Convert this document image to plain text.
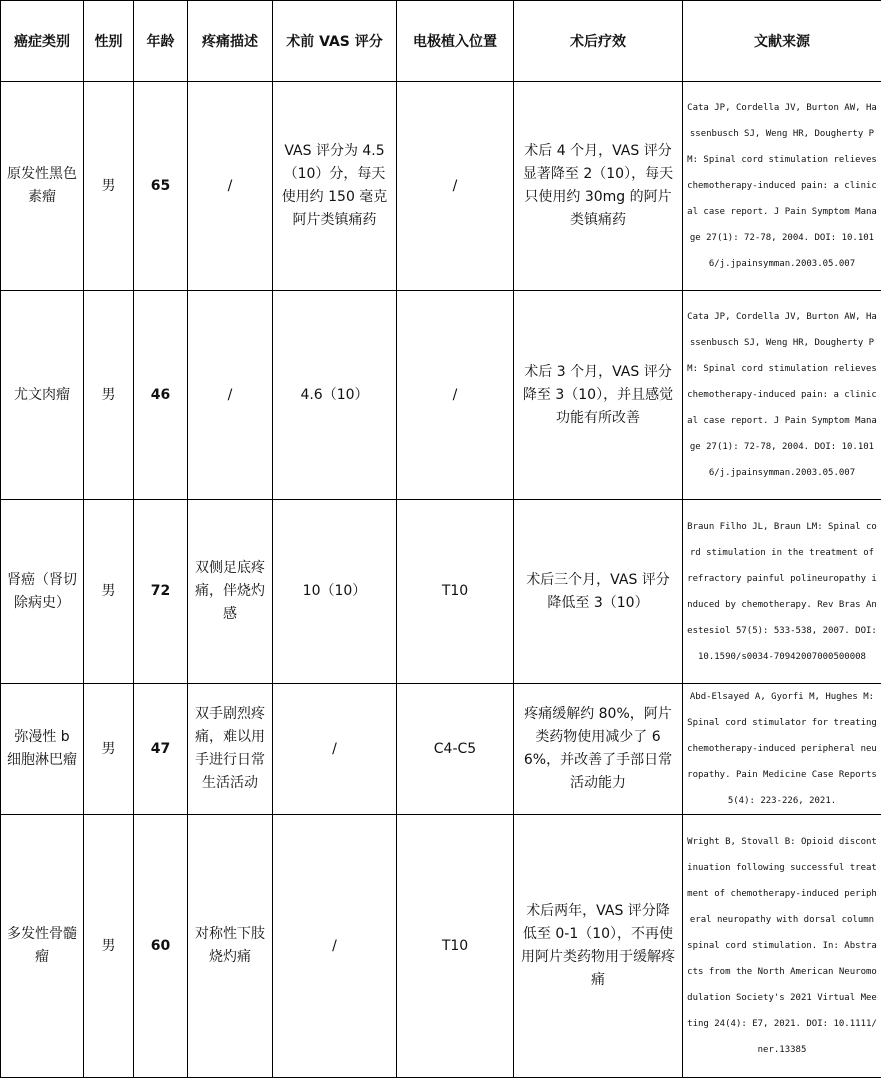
癌症类别	性别	年龄	疼痛描述	术前 VAS 评分	电极植入位置	术后疗效	文献来源
原发性黑色素瘤	男	65	/	VAS 评分为 4.5（10）分，每天使用约 150 毫克阿片类镇痛药	/	术后 4 个月，VAS 评分显著降至 2（10），每天只使用约 30mg 的阿片类镇痛药	Cata JP, Cordella JV, Burton AW, Hassenbusch SJ, Weng HR, Dougherty PM: Spinal cord stimulation relieves chemotherapy-induced pain: a clinical case report. J Pain Symptom Manage 27(1): 72-78, 2004. DOI: 10.1016/j.jpainsymman.2003.05.007
尤文肉瘤	男	46	/	4.6（10）	/	术后 3 个月，VAS 评分降至 3（10），并且感觉功能有所改善	Cata JP, Cordella JV, Burton AW, Hassenbusch SJ, Weng HR, Dougherty PM: Spinal cord stimulation relieves chemotherapy-induced pain: a clinical case report. J Pain Symptom Manage 27(1): 72-78, 2004. DOI: 10.1016/j.jpainsymman.2003.05.007
肾癌（肾切除病史）	男	72	双侧足底疼痛，伴烧灼感	10（10）	T10	术后三个月，VAS 评分降低至 3（10）	Braun Filho JL, Braun LM: Spinal cord stimulation in the treatment of refractory painful polineuropathy induced by chemotherapy. Rev Bras Anestesiol 57(5): 533-538, 2007. DOI: 10.1590/s0034-70942007000500008
弥漫性 b 细胞淋巴瘤	男	47	双手剧烈疼痛，难以用手进行日常生活活动	/	C4-C5	疼痛缓解约 80%，阿片类药物使用减少了 66%，并改善了手部日常活动能力	Abd-Elsayed A, Gyorfi M, Hughes M: Spinal cord stimulator for treating chemotherapy-induced peripheral neuropathy. Pain Medicine Case Reports 5(4): 223-226, 2021.
多发性骨髓瘤	男	60	对称性下肢烧灼痛	/	T10	术后两年，VAS 评分降低至 0-1（10），不再使用阿片类药物用于缓解疼痛	Wright B, Stovall B: Opioid discontinuation following successful treatment of chemotherapy-induced peripheral neuropathy with dorsal column spinal cord stimulation. In: Abstracts from the North American Neuromodulation Society's 2021 Virtual Meeting 24(4): E7, 2021. DOI: 10.1111/ner.13385
